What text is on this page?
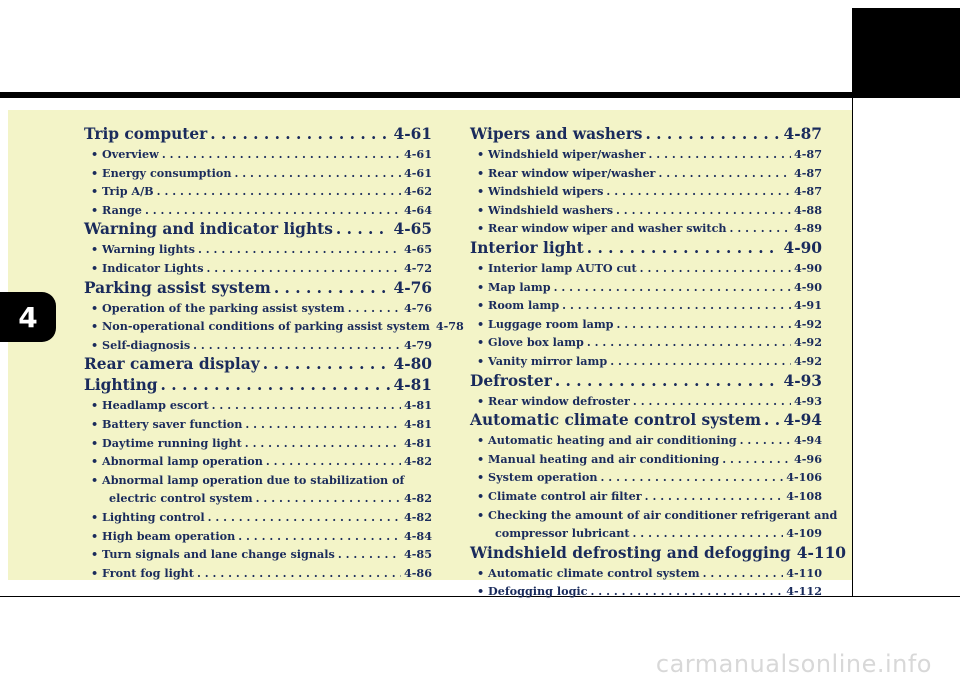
4
Trip computer . . .	4-61
• Overview . . .	4-61
• Energy consumption . . .	4-61
• Trip A/B . . .	4-62
• Range . . .	4-64
Warning and indicator lights . . .	4-65
• Warning lights . . .	4-65
• Indicator Lights . . .	4-72
Parking assist system . . .	4-76
• Operation of the parking assist system . . .	4-76
• Non-operational conditions of parking assist system 4-78
• Self-diagnosis . . .	4-79
Rear camera display . . .	4-80
Lighting . . .	4-81
• Headlamp escort . . .	4-81
• Battery saver function . . .	4-81
• Daytime running light . . .	4-81
• Abnormal lamp operation . . .	4-82
• Abnormal lamp operation due to stabilization of
electric control system . . .	4-82
• Lighting control . . .	4-82
• High beam operation . . .	4-84
• Turn signals and lane change signals . . .	4-85
• Front fog light . . .	4-86
Wipers and washers . . .	4-87
• Windshield wiper/washer . . .	4-87
• Rear window wiper/washer . . .	4-87
• Windshield wipers . . .	4-87
• Windshield washers . . .	4-88
• Rear window wiper and washer switch . . .	4-89
Interior light . . .	4-90
• Interior lamp AUTO cut . . .	4-90
• Map lamp . . .	4-90
• Room lamp . . .	4-91
• Luggage room lamp . . .	4-92
• Glove box lamp . . .	4-92
• Vanity mirror lamp . . .	4-92
Defroster . . .	4-93
• Rear window defroster . . .	4-93
Automatic climate control system . . . 4-94
• Automatic heating and air conditioning . . .	4-94
• Manual heating and air conditioning . . .	4-96
• System operation . . .	4-106
• Climate control air filter . . .	4-108
• Checking the amount of air conditioner refrigerant and
compressor lubricant . . .	4-109
Windshield defrosting and defogging 4-110
• Automatic climate control system . . .	4-110
• Defogging logic . . .	4-112
carmanualsonline.info
